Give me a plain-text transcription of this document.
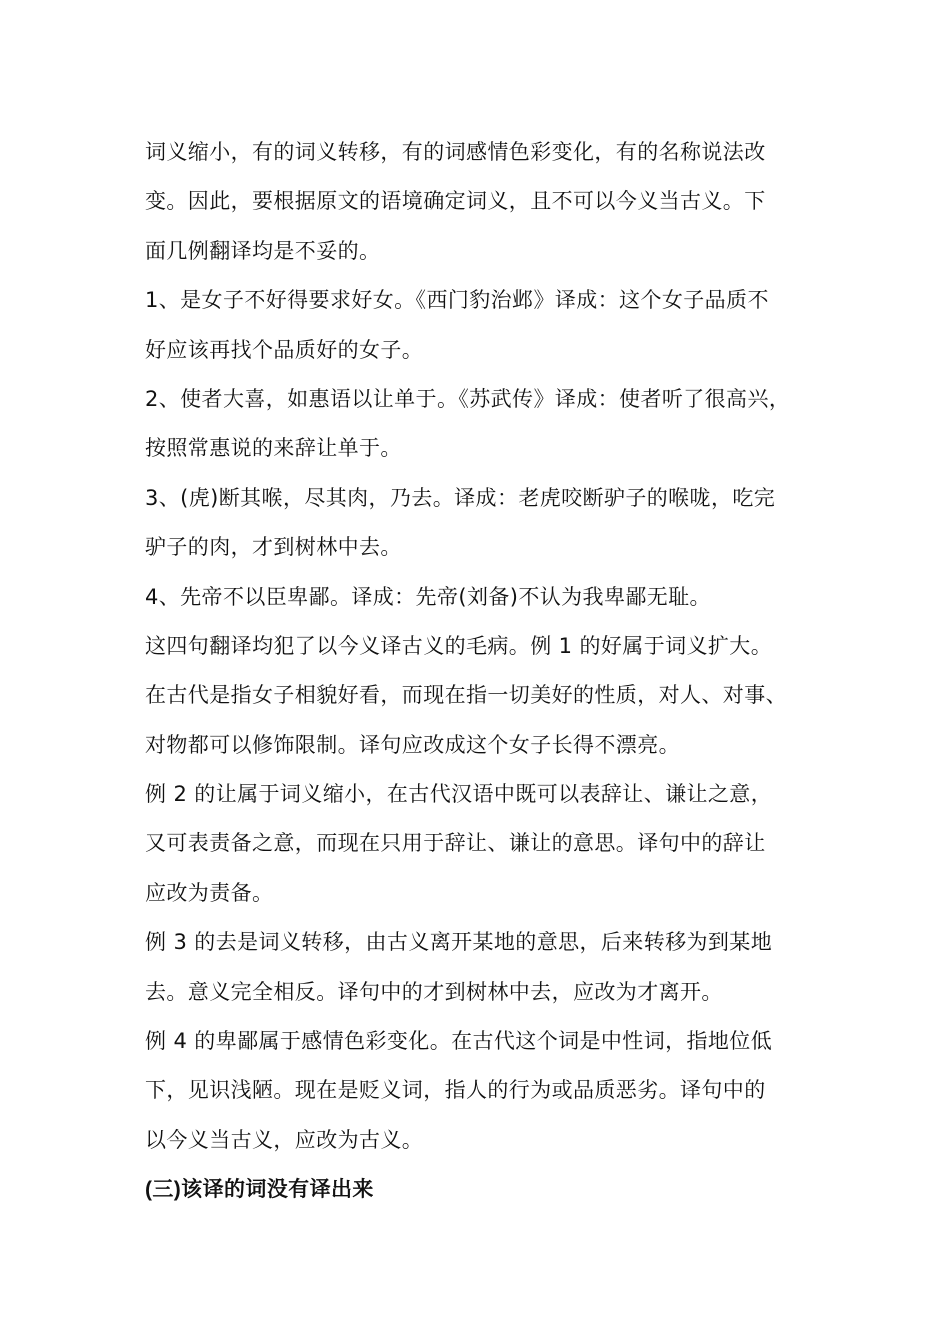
词义缩小，有的词义转移，有的词感情色彩变化，有的名称说法改
变。因此，要根据原文的语境确定词义，且不可以今义当古义。下
面几例翻译均是不妥的。
1、是女子不好得要求好女。《西门豹治邺》译成：这个女子品质不
好应该再找个品质好的女子。
2、使者大喜，如惠语以让单于。《苏武传》译成：使者听了很高兴，
按照常惠说的来辞让单于。
3、(虎)断其喉，尽其肉，乃去。译成：老虎咬断驴子的喉咙，吃完
驴子的肉，才到树林中去。
4、先帝不以臣卑鄙。译成：先帝(刘备)不认为我卑鄙无耻。
这四句翻译均犯了以今义译古义的毛病。例 1 的好属于词义扩大。
在古代是指女子相貌好看，而现在指一切美好的性质，对人、对事、
对物都可以修饰限制。译句应改成这个女子长得不漂亮。
例 2 的让属于词义缩小，在古代汉语中既可以表辞让、谦让之意，
又可表责备之意，而现在只用于辞让、谦让的意思。译句中的辞让
应改为责备。
例 3 的去是词义转移，由古义离开某地的意思，后来转移为到某地
去。意义完全相反。译句中的才到树林中去，应改为才离开。
例 4 的卑鄙属于感情色彩变化。在古代这个词是中性词，指地位低
下，见识浅陋。现在是贬义词，指人的行为或品质恶劣。译句中的
以今义当古义，应改为古义。
(三)该译的词没有译出来
